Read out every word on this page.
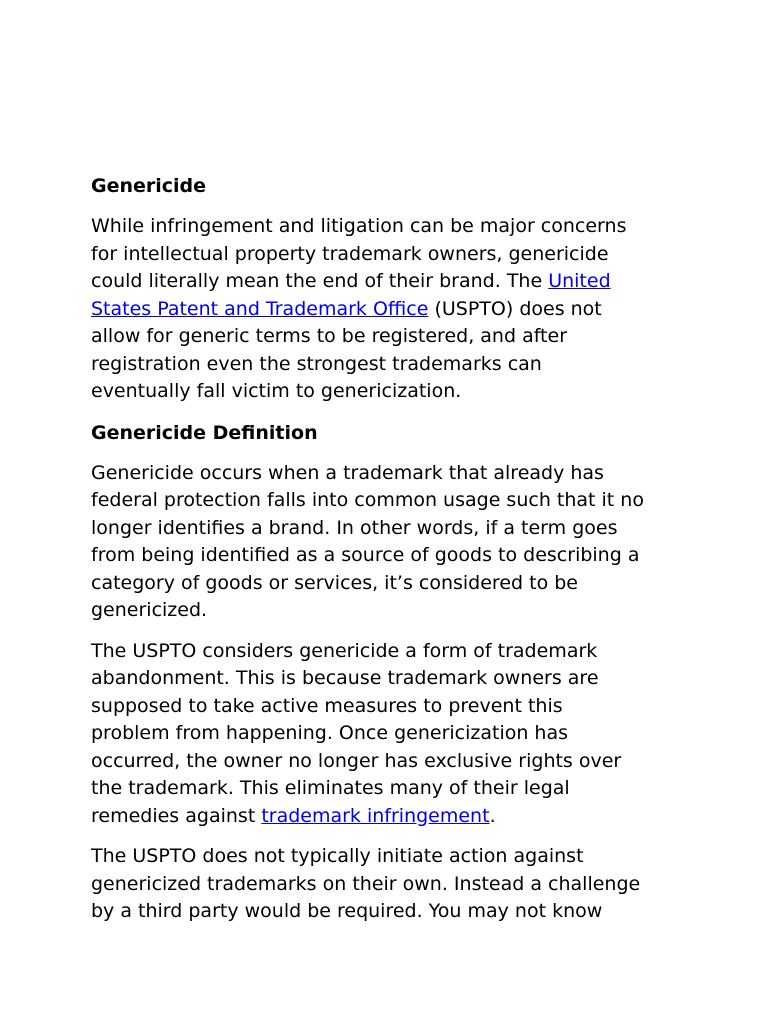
Genericide

While infringement and litigation can be major concerns
for intellectual property trademark owners, genericide
could literally mean the end of their brand. The United
States Patent and Trademark Office (USPTO) does not
allow for generic terms to be registered, and after
registration even the strongest trademarks can
eventually fall victim to genericization.

Genericide Definition

Genericide occurs when a trademark that already has
federal protection falls into common usage such that it no
longer identifies a brand. In other words, if a term goes
from being identified as a source of goods to describing a
category of goods or services, it’s considered to be
genericized.

The USPTO considers genericide a form of trademark
abandonment. This is because trademark owners are
supposed to take active measures to prevent this
problem from happening. Once genericization has
occurred, the owner no longer has exclusive rights over
the trademark. This eliminates many of their legal
remedies against trademark infringement.

The USPTO does not typically initiate action against
genericized trademarks on their own. Instead a challenge
by a third party would be required. You may not know
